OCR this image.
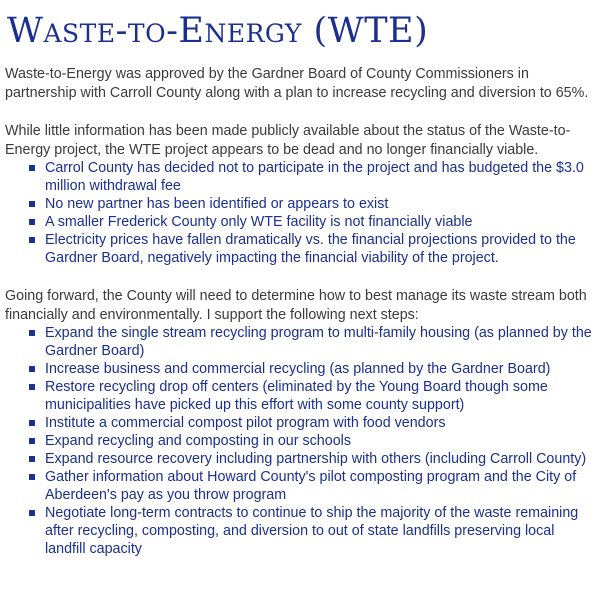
Waste-to-Energy (WTE)

Waste-to-Energy was approved by the Gardner Board of County Commissioners in partnership with Carroll County along with a plan to increase recycling and diversion to 65%.

While little information has been made publicly available about the status of the Waste-to-Energy project, the WTE project appears to be dead and no longer financially viable.

Carrol County has decided not to participate in the project and has budgeted the $3.0 million withdrawal fee
No new partner has been identified or appears to exist
A smaller Frederick County only WTE facility is not financially viable
Electricity prices have fallen dramatically vs. the financial projections provided to the Gardner Board, negatively impacting the financial viability of the project.

Going forward, the County will need to determine how to best manage its waste stream both financially and environmentally. I support the following next steps:

Expand the single stream recycling program to multi-family housing (as planned by the Gardner Board)
Increase business and commercial recycling (as planned by the Gardner Board)
Restore recycling drop off centers (eliminated by the Young Board though some municipalities have picked up this effort with some county support)
Institute a commercial compost pilot program with food vendors
Expand recycling and composting in our schools
Expand resource recovery including partnership with others (including Carroll County)
Gather information about Howard County's pilot composting program and the City of Aberdeen's pay as you throw program
Negotiate long-term contracts to continue to ship the majority of the waste remaining after recycling, composting, and diversion to out of state landfills preserving local landfill capacity
